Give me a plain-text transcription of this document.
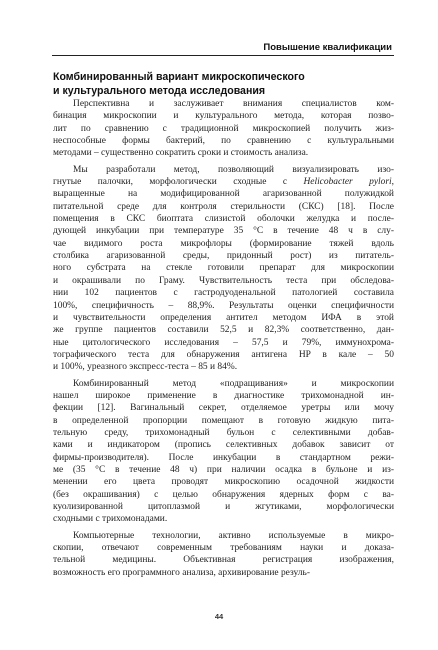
Повышение квалификации
Комбинированный вариант микроскопического
и культурального метода исследования
Перспективна и заслуживает внимания специалистов ком-
бинация микроскопии и культурального метода, которая позво-
лит по сравнению с традиционной микроскопией получить жиз-
неспособные формы бактерий, по сравнению с культуральными
методами – существенно сократить сроки и стоимость анализа.
Мы разработали метод, позволяющий визуализировать изо-
гнутые палочки, морфологически сходные с Helicobacter pylori,
выращенные на модифицированной агаризованной полужидкой
питательной среде для контроля стерильности (СКС) [18]. После
помещения в СКС биоптата слизистой оболочки желудка и после-
дующей инкубации при температуре 35 °С в течение 48 ч в слу-
чае видимого роста микрофлоры (формирование тяжей вдоль
столбика агаризованной среды, придонный рост) из питатель-
ного субстрата на стекле готовили препарат для микроскопии
и окрашивали по Граму. Чувствительность теста при обследова-
нии 102 пациентов с гастродуоденальной патологией составила
100%, специфичность – 88,9%. Результаты оценки специфичности
и чувствительности определения антител методом ИФА в этой
же группе пациентов составили 52,5 и 82,3% соответственно, дан-
ные цитологического исследования – 57,5 и 79%, иммунохрома-
тографического теста для обнаружения антигена HP в кале – 50
и 100%, уреазного экспресс-теста – 85 и 84%.
Комбинированный метод «подращивания» и микроскопии
нашел широкое применение в диагностике трихомонадной ин-
фекции [12]. Вагинальный секрет, отделяемое уретры или мочу
в определенной пропорции помещают в готовую жидкую пита-
тельную среду, трихомонадный бульон с селективными добав-
ками и индикатором (пропись селективных добавок зависит от
фирмы-производителя). После инкубации в стандартном режи-
ме (35 °С в течение 48 ч) при наличии осадка в бульоне и из-
менении его цвета проводят микроскопию осадочной жидкости
(без окрашивания) с целью обнаружения ядерных форм с ва-
куолизированной цитоплазмой и жгутиками, морфологически
сходными с трихомонадами.
Компьютерные технологии, активно используемые в микро-
скопии, отвечают современным требованиям науки и доказа-
тельной медицины. Объективная регистрация изображения,
возможность его программного анализа, архивирование резуль-
44
